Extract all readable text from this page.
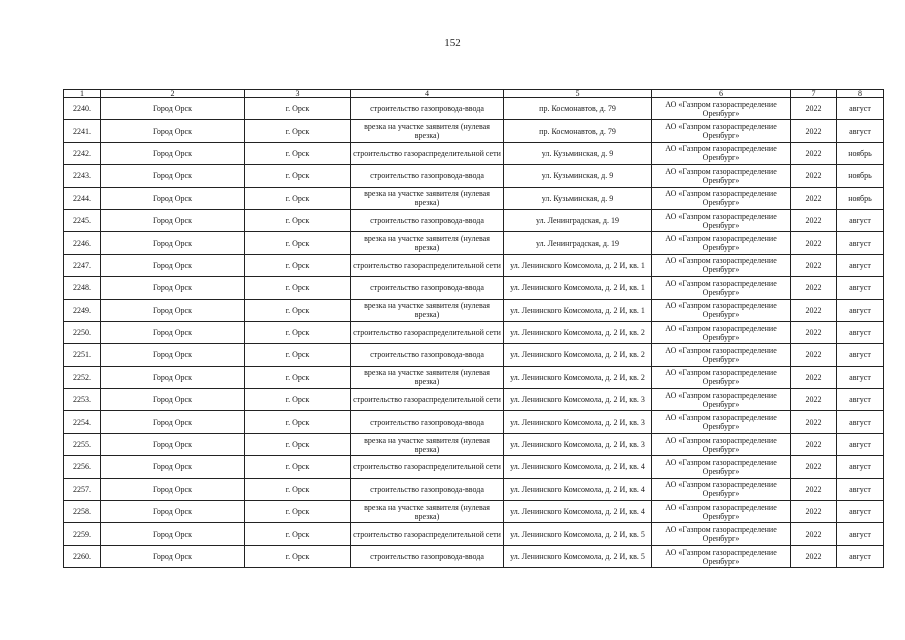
152
1	2	3	4	5	6	7	8
2240.	Город Орск	г. Орск	строительство газопровода-ввода	пр. Космонавтов, д. 79	АО «Газпром газораспределение Оренбург»	2022	август
2241.	Город Орск	г. Орск	врезка на участке заявителя (нулевая врезка)	пр. Космонавтов, д. 79	АО «Газпром газораспределение Оренбург»	2022	август
2242.	Город Орск	г. Орск	строительство газораспределительной сети	ул. Кузьминская, д. 9	АО «Газпром газораспределение Оренбург»	2022	ноябрь
2243.	Город Орск	г. Орск	строительство газопровода-ввода	ул. Кузьминская, д. 9	АО «Газпром газораспределение Оренбург»	2022	ноябрь
2244.	Город Орск	г. Орск	врезка на участке заявителя (нулевая врезка)	ул. Кузьминская, д. 9	АО «Газпром газораспределение Оренбург»	2022	ноябрь
2245.	Город Орск	г. Орск	строительство газопровода-ввода	ул. Ленинградская, д. 19	АО «Газпром газораспределение Оренбург»	2022	август
2246.	Город Орск	г. Орск	врезка на участке заявителя (нулевая врезка)	ул. Ленинградская, д. 19	АО «Газпром газораспределение Оренбург»	2022	август
2247.	Город Орск	г. Орск	строительство газораспределительной сети	ул. Ленинского Комсомола, д. 2 И, кв. 1	АО «Газпром газораспределение Оренбург»	2022	август
2248.	Город Орск	г. Орск	строительство газопровода-ввода	ул. Ленинского Комсомола, д. 2 И, кв. 1	АО «Газпром газораспределение Оренбург»	2022	август
2249.	Город Орск	г. Орск	врезка на участке заявителя (нулевая врезка)	ул. Ленинского Комсомола, д. 2 И, кв. 1	АО «Газпром газораспределение Оренбург»	2022	август
2250.	Город Орск	г. Орск	строительство газораспределительной сети	ул. Ленинского Комсомола, д. 2 И, кв. 2	АО «Газпром газораспределение Оренбург»	2022	август
2251.	Город Орск	г. Орск	строительство газопровода-ввода	ул. Ленинского Комсомола, д. 2 И, кв. 2	АО «Газпром газораспределение Оренбург»	2022	август
2252.	Город Орск	г. Орск	врезка на участке заявителя (нулевая врезка)	ул. Ленинского Комсомола, д. 2 И, кв. 2	АО «Газпром газораспределение Оренбург»	2022	август
2253.	Город Орск	г. Орск	строительство газораспределительной сети	ул. Ленинского Комсомола, д. 2 И, кв. 3	АО «Газпром газораспределение Оренбург»	2022	август
2254.	Город Орск	г. Орск	строительство газопровода-ввода	ул. Ленинского Комсомола, д. 2 И, кв. 3	АО «Газпром газораспределение Оренбург»	2022	август
2255.	Город Орск	г. Орск	врезка на участке заявителя (нулевая врезка)	ул. Ленинского Комсомола, д. 2 И, кв. 3	АО «Газпром газораспределение Оренбург»	2022	август
2256.	Город Орск	г. Орск	строительство газораспределительной сети	ул. Ленинского Комсомола, д. 2 И, кв. 4	АО «Газпром газораспределение Оренбург»	2022	август
2257.	Город Орск	г. Орск	строительство газопровода-ввода	ул. Ленинского Комсомола, д. 2 И, кв. 4	АО «Газпром газораспределение Оренбург»	2022	август
2258.	Город Орск	г. Орск	врезка на участке заявителя (нулевая врезка)	ул. Ленинского Комсомола, д. 2 И, кв. 4	АО «Газпром газораспределение Оренбург»	2022	август
2259.	Город Орск	г. Орск	строительство газораспределительной сети	ул. Ленинского Комсомола, д. 2 И, кв. 5	АО «Газпром газораспределение Оренбург»	2022	август
2260.	Город Орск	г. Орск	строительство газопровода-ввода	ул. Ленинского Комсомола, д. 2 И, кв. 5	АО «Газпром газораспределение Оренбург»	2022	август
